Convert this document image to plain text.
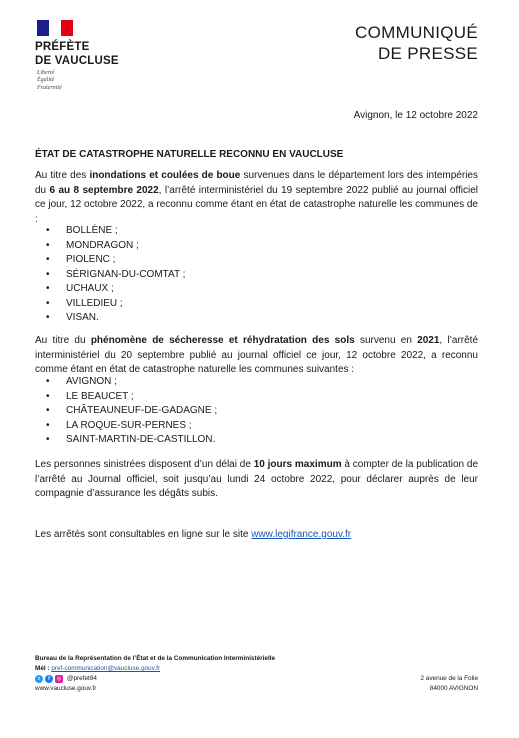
PRÉFÈTE
DE VAUCLUSE
Liberté
Égalité
Fraternité
COMMUNIQUÉ
DE PRESSE
Avignon, le 12 octobre 2022
ÉTAT DE CATASTROPHE NATURELLE RECONNU EN VAUCLUSE
Au titre des inondations et coulées de boue survenues dans le département lors des intempéries du 6 au 8 septembre 2022, l’arrêté interministériel du 19 septembre 2022 publié au journal officiel ce jour, 12 octobre 2022, a reconnu comme étant en état de catastrophe naturelle les communes de :
• BOLLÈNE ;
• MONDRAGON ;
• PIOLENC ;
• SÉRIGNAN-DU-COMTAT ;
• UCHAUX ;
• VILLEDIEU ;
• VISAN.
Au titre du phénomène de sécheresse et réhydratation des sols survenu en 2021, l’arrêté interministériel du 20 septembre publié au journal officiel ce jour, 12 octobre 2022, a reconnu comme étant en état de catastrophe naturelle les communes suivantes :
• AVIGNON ;
• LE BEAUCET ;
• CHÂTEAUNEUF-DE-GADAGNE ;
• LA ROQUE-SUR-PERNES ;
• SAINT-MARTIN-DE-CASTILLON.
Les personnes sinistrées disposent d’un délai de 10 jours maximum à compter de la publication de l’arrêté au Journal officiel, soit jusqu’au lundi 24 octobre 2022, pour déclarer auprès de leur compagnie d’assurance les dégâts subis.
Les arrêtés sont consultables en ligne sur le site www.legifrance.gouv.fr
Bureau de la Représentation de l’État et de la Communication Interministérielle
Mél : pref-communication@vaucluse.gouv.fr
t	f	◎ @prefet84
www.vaucluse.gouv.fr
2 avenue de la Folie
84000 AVIGNON
